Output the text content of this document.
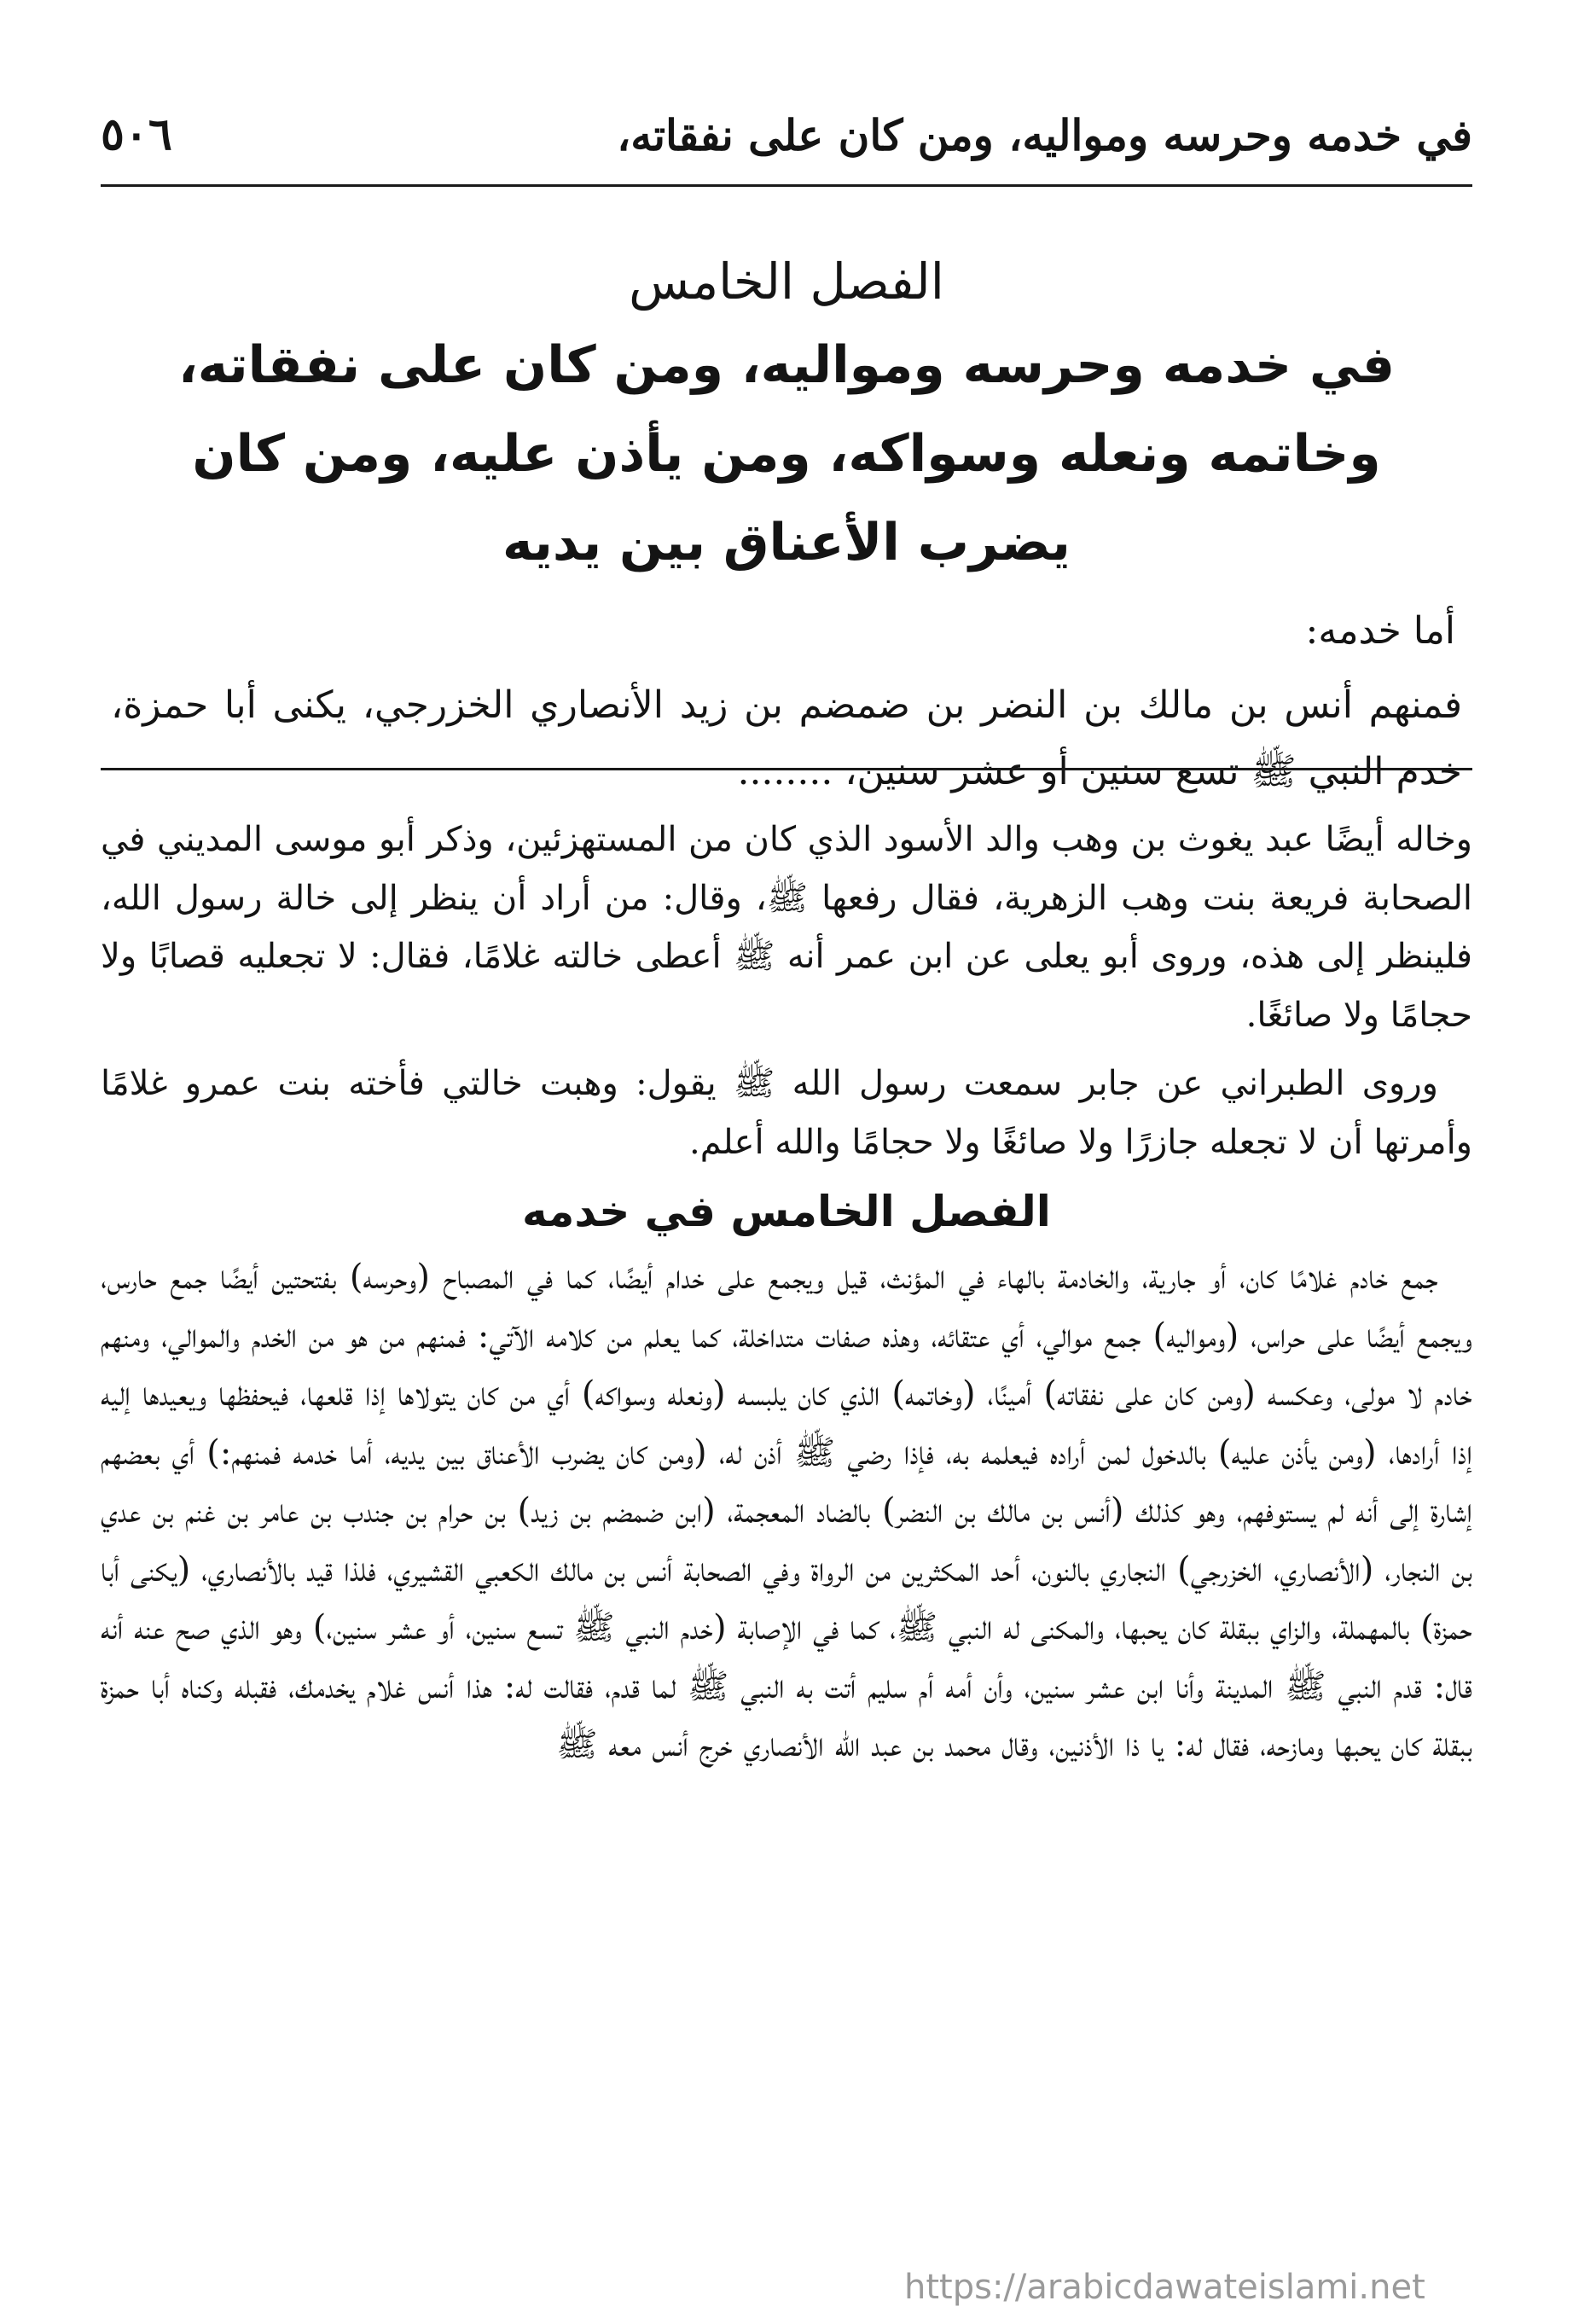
في خدمه وحرسه ومواليه، ومن كان على نفقاته،
٥٠٦
الفصل الخامس
في خدمه وحرسه ومواليه، ومن كان على نفقاته، وخاتمه ونعله وسواكه، ومن يأذن عليه، ومن كان يضرب الأعناق بين يديه

أما خدمه:

فمنهم أنس بن مالك بن النضر بن ضمضم بن زيد الأنصاري الخزرجي، يكنى أبا حمزة، خدم النبي ﷺ تسع سنين أو عشر سنين، ........

وخاله أيضًا عبد يغوث بن وهب والد الأسود الذي كان من المستهزئين، وذكر أبو موسى المديني في الصحابة فريعة بنت وهب الزهرية، فقال رفعها ﷺ، وقال: من أراد أن ينظر إلى خالة رسول الله، فلينظر إلى هذه، وروى أبو يعلى عن ابن عمر أنه ﷺ أعطى خالته غلامًا، فقال: لا تجعليه قصابًا ولا حجامًا ولا صائغًا.

وروى الطبراني عن جابر سمعت رسول الله ﷺ يقول: وهبت خالتي فأخته بنت عمرو غلامًا وأمرتها أن لا تجعله جازرًا ولا صائغًا ولا حجامًا والله أعلم.

الفصل الخامس في خدمه

جمع خادم غلامًا كان، أو جارية، والخادمة بالهاء في المؤنث، قيل ويجمع على خدام أيضًا، كما في المصباح (وحرسه) بفتحتين أيضًا جمع حارس، ويجمع أيضًا على حراس، (ومواليه) جمع موالي، أي عتقائه، وهذه صفات متداخلة، كما يعلم من كلامه الآتي: فمنهم من هو من الخدم والموالي، ومنهم خادم لا مولى، وعكسه (ومن كان على نفقاته) أمينًا، (وخاتمه) الذي كان يلبسه (ونعله وسواكه) أي من كان يتولاها إذا قلعها، فيحفظها ويعيدها إليه إذا أرادها، (ومن يأذن عليه) بالدخول لمن أراده فيعلمه به، فإذا رضي ﷺ أذن له، (ومن كان يضرب الأعناق بين يديه، أما خدمه فمنهم:) أي بعضهم إشارة إلى أنه لم يستوفهم، وهو كذلك (أنس بن مالك بن النضر) بالضاد المعجمة، (ابن ضمضم بن زيد) بن حرام بن جندب بن عامر بن غنم بن عدي بن النجار، (الأنصاري، الخزرجي) النجاري بالنون، أحد المكثرين من الرواة وفي الصحابة أنس بن مالك الكعبي القشيري، فلذا قيد بالأنصاري، (يكنى أبا حمزة) بالمهملة، والزاي ببقلة كان يحبها، والمكنى له النبي ﷺ، كما في الإصابة (خدم النبي ﷺ تسع سنين، أو عشر سنين،) وهو الذي صح عنه أنه قال: قدم النبي ﷺ المدينة وأنا ابن عشر سنين، وأن أمه أم سليم أتت به النبي ﷺ لما قدم، فقالت له: هذا أنس غلام يخدمك، فقبله وكناه أبا حمزة ببقلة كان يحبها ومازحه، فقال له: يا ذا الأذنين، وقال محمد بن عبد الله الأنصاري خرج أنس معه ﷺ

https://arabicdawateislami.net
